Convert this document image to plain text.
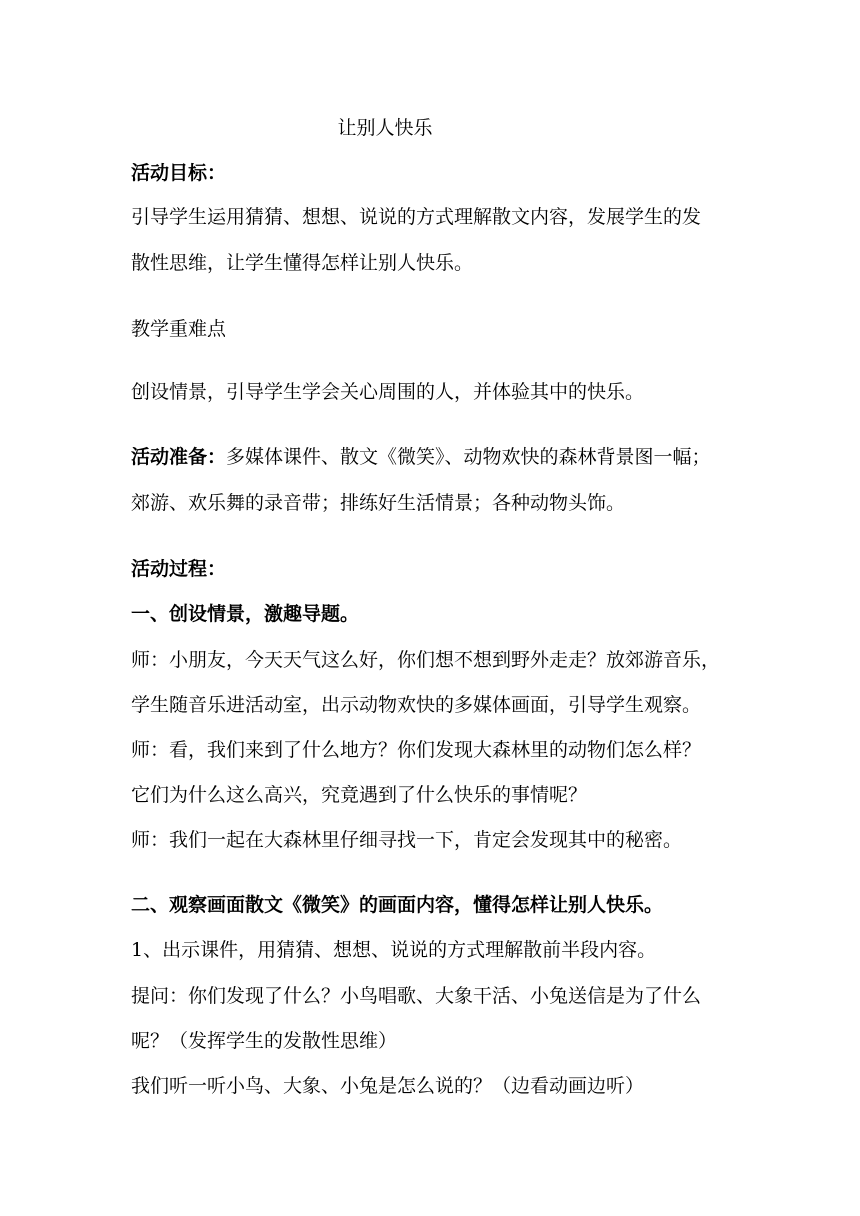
让别人快乐
活动目标：
引导学生运用猜猜、想想、说说的方式理解散文内容，发展学生的发
散性思维，让学生懂得怎样让别人快乐。
教学重难点
创设情景，引导学生学会关心周围的人，并体验其中的快乐。
活动准备：多媒体课件、散文《微笑》、动物欢快的森林背景图一幅；
郊游、欢乐舞的录音带；排练好生活情景；各种动物头饰。
活动过程：
一、创设情景，激趣导题。
师：小朋友，今天天气这么好，你们想不想到野外走走？放郊游音乐，
学生随音乐进活动室，出示动物欢快的多媒体画面，引导学生观察。
师：看，我们来到了什么地方？你们发现大森林里的动物们怎么样？
它们为什么这么高兴，究竟遇到了什么快乐的事情呢？
师：我们一起在大森林里仔细寻找一下，肯定会发现其中的秘密。
二、观察画面散文《微笑》的画面内容，懂得怎样让别人快乐。
1、出示课件，用猜猜、想想、说说的方式理解散前半段内容。
提问：你们发现了什么？小鸟唱歌、大象干活、小兔送信是为了什么
呢？（发挥学生的发散性思维）
我们听一听小鸟、大象、小兔是怎么说的？（边看动画边听）
